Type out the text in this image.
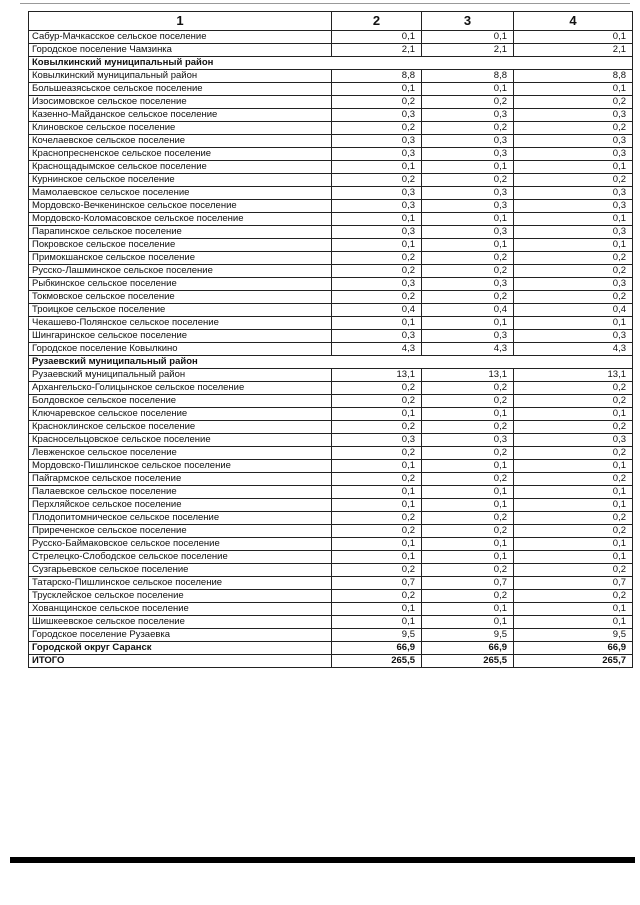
1	2	3	4
Сабур-Мачкасское сельское поселение	0,1	0,1	0,1
Городское поселение Чамзинка	2,1	2,1	2,1
Ковылкинский муниципальный район			
Ковылкинский муниципальный район	8,8	8,8	8,8
Большеазясьское сельское поселение	0,1	0,1	0,1
Изосимовское сельское поселение	0,2	0,2	0,2
Казенно-Майданское сельское поселение	0,3	0,3	0,3
Клиновское сельское поселение	0,2	0,2	0,2
Кочелаевское сельское поселение	0,3	0,3	0,3
Краснопресненское сельское поселение	0,3	0,3	0,3
Краснощадымское сельское поселение	0,1	0,1	0,1
Курнинское сельское поселение	0,2	0,2	0,2
Мамолаевское сельское поселение	0,3	0,3	0,3
Мордовско-Вечкенинское сельское поселение	0,3	0,3	0,3
Мордовско-Коломасовское сельское поселение	0,1	0,1	0,1
Парапинское сельское поселение	0,3	0,3	0,3
Покровское сельское поселение	0,1	0,1	0,1
Примокшанское сельское поселение	0,2	0,2	0,2
Русско-Лашминское сельское поселение	0,2	0,2	0,2
Рыбкинское сельское поселение	0,3	0,3	0,3
Токмовское сельское поселение	0,2	0,2	0,2
Троицкое сельское поселение	0,4	0,4	0,4
Чекашево-Полянское сельское поселение	0,1	0,1	0,1
Шингаринское сельское поселение	0,3	0,3	0,3
Городское поселение Ковылкино	4,3	4,3	4,3
Рузаевский муниципальный район			
Рузаевский муниципальный район	13,1	13,1	13,1
Архангельско-Голицынское сельское поселение	0,2	0,2	0,2
Болдовское сельское поселение	0,2	0,2	0,2
Ключаревское сельское поселение	0,1	0,1	0,1
Красноклинское сельское поселение	0,2	0,2	0,2
Красносельцовское сельское поселение	0,3	0,3	0,3
Левженское сельское поселение	0,2	0,2	0,2
Мордовско-Пишлинское сельское поселение	0,1	0,1	0,1
Пайгармское сельское поселение	0,2	0,2	0,2
Палаевское сельское поселение	0,1	0,1	0,1
Перхляйское сельское поселение	0,1	0,1	0,1
Плодопитомническое сельское поселение	0,2	0,2	0,2
Приреченское сельское поселение	0,2	0,2	0,2
Русско-Баймаковское сельское поселение	0,1	0,1	0,1
Стрелецко-Слободское сельское поселение	0,1	0,1	0,1
Сузгарьевское сельское поселение	0,2	0,2	0,2
Татарско-Пишлинское сельское поселение	0,7	0,7	0,7
Трусклейское сельское поселение	0,2	0,2	0,2
Хованщинское сельское поселение	0,1	0,1	0,1
Шишкеевское сельское поселение	0,1	0,1	0,1
Городское поселение Рузаевка	9,5	9,5	9,5
Городской округ Саранск	66,9	66,9	66,9
ИТОГО	265,5	265,5	265,7
